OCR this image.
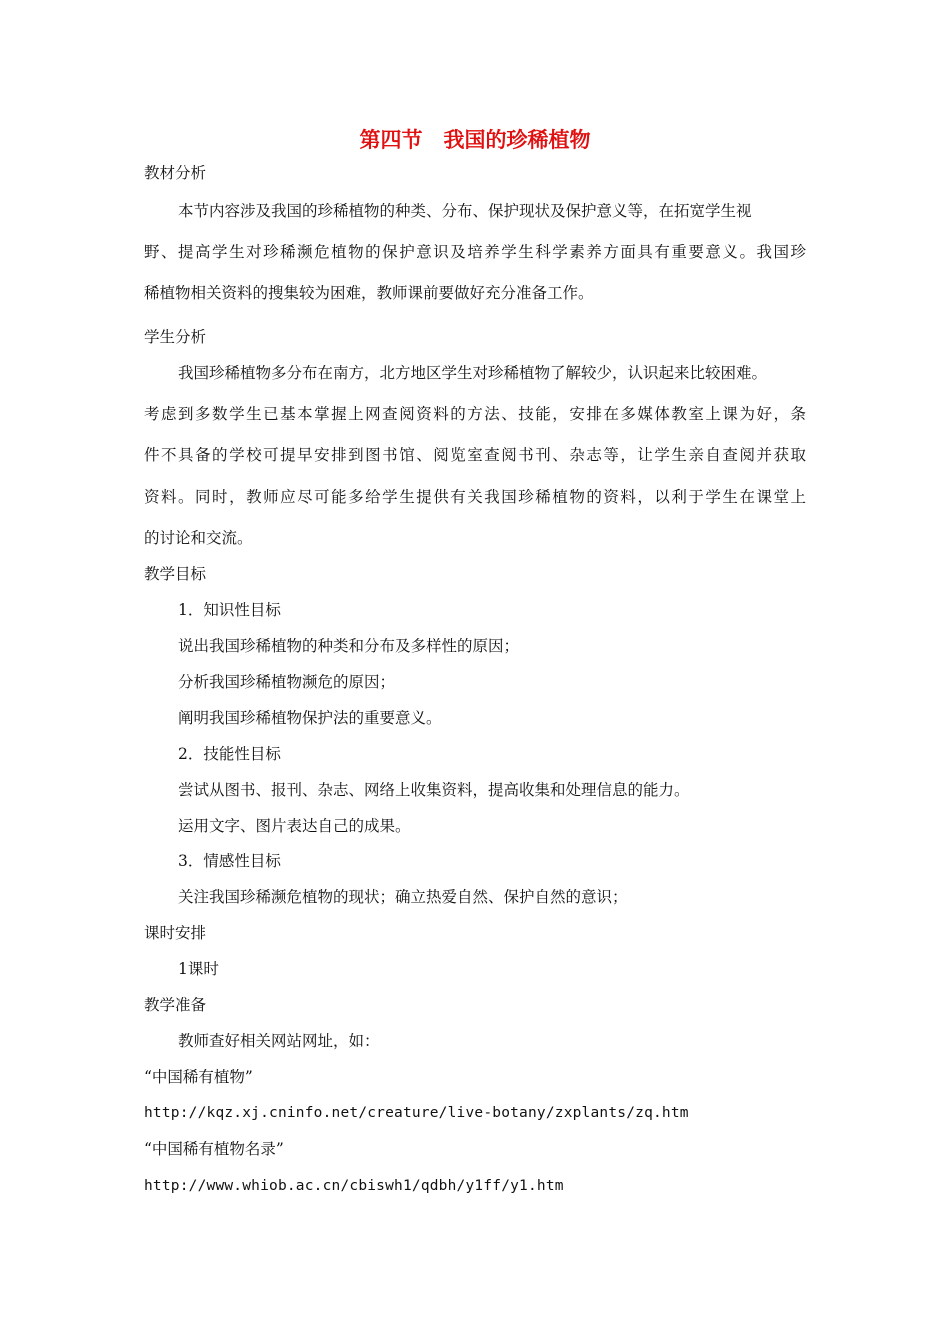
第四节　我国的珍稀植物
教材分析
本节内容涉及我国的珍稀植物的种类、分布、保护现状及保护意义等，在拓宽学生视
野、提高学生对珍稀濒危植物的保护意识及培养学生科学素养方面具有重要意义。我国珍
稀植物相关资料的搜集较为困难，教师课前要做好充分准备工作。
学生分析
我国珍稀植物多分布在南方，北方地区学生对珍稀植物了解较少，认识起来比较困难。
考虑到多数学生已基本掌握上网查阅资料的方法、技能，安排在多媒体教室上课为好，条
件不具备的学校可提早安排到图书馆、阅览室查阅书刊、杂志等，让学生亲自查阅并获取
资料。同时，教师应尽可能多给学生提供有关我国珍稀植物的资料，以利于学生在课堂上
的讨论和交流。
教学目标
1．知识性目标
说出我国珍稀植物的种类和分布及多样性的原因；
分析我国珍稀植物濒危的原因；
阐明我国珍稀植物保护法的重要意义。
2．技能性目标
尝试从图书、报刊、杂志、网络上收集资料，提高收集和处理信息的能力。
运用文字、图片表达自己的成果。
3．情感性目标
关注我国珍稀濒危植物的现状；确立热爱自然、保护自然的意识；
课时安排
1课时
教学准备
教师查好相关网站网址，如：
“中国稀有植物”
http://kqz.xj.cninfo.net/creature/live-botany/zxplants/zq.htm
“中国稀有植物名录”
http://www.whiob.ac.cn/cbiswh1/qdbh/y1ff/y1.htm
